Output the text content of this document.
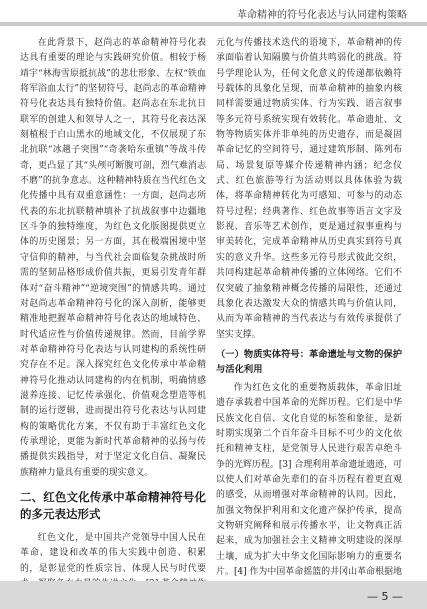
革命精神的符号化表达与认同建构策略

在此背景下，赵尚志的革命精神符号化表达具有重要的理论与实践研究价值。相较于杨靖宇“林海雪原抵抗战”的悲壮形象、左权“铁血将军浴血太行”的坚韧符号，赵尚志的革命精神符号化表达具有独特价值。赵尚志在东北抗日联军的创建人和领导人之一，其符号化表达深刻植根于白山黑水的地域文化，不仅展现了东北抗联“冰趟子突围”“奇袭哈东重镇”等战斗传奇，更凸显了其“头颅可断腹可剖，烈气难消志不磨”的抗争意志。这种精神特质在当代红色文化传播中具有双重意涵性：一方面，赵尚志所代表的东北抗联精神填补了抗战叙事中边疆地区斗争的独特维度，为红色文化版图提供更立体的历史图景；另一方面，其在极端困境中坚守信仰的精神，与当代社会面临复杂挑战时所需的坚韧品格形成价值共振，更易引发青年群体对“奋斗精神”“逆境突围”的情感共鸣。通过对赵尚志革命精神符号化的深入剖析，能够更精准地把握革命精神符号化表达的地域特色、时代适应性与价值传递规律。然而，目前学界对革命精神符号化表达与认同建构的系统性研究存在不足。深入探究红色文化传承中革命精神符号化推动认同建构的内在机制，明确情感滋养连接、记忆传承强化、价值观念塑造等机制的运行逻辑，进而提出符号化表达与认同建构的策略优化方案，不仅有助于丰富红色文化传承理论，更能为新时代革命精神的弘扬与传播提供实践指导，对于坚定文化自信、凝聚民族精神力量具有重要的现实意义。

二、红色文化传承中革命精神符号化的多元表达形式

红色文化，是中国共产党领导中国人民在革命、建设和改革的伟大实践中创造、积累的，是彰显党的性质宗旨、体现人民与时代要

元化与传播技术迭代的语境下，革命精神的传承面临着认知隔膜与价值共鸣弱化的挑战。符号学理论认为，任何文化意义的传递都依赖符号载体的具象化呈现，而革命精神的抽象内核同样需要通过物质实体、行为实践、语言叙事等多元符号系统实现有效转化。革命遗址、文物等物质实体并非单纯的历史遗存，而是凝固革命记忆的空间符号，通过建筑形制、陈列布局、场景复原等媒介传递精神内涵；纪念仪式、红色旅游等行为活动则以具体体验为载体，将革命精神转化为可感知、可参与的动态符号过程；经典著作、红色故事等语言文字及影视、音乐等艺术创作，更是通过叙事重构与审美转化，完成革命精神从历史真实到符号真实的意义升华。这些多元符号形式彼此交织，共同构建起革命精神传播的立体网络。它们不仅突破了抽象精神概念传播的局限性，还通过具象化表达激发大众的情感共鸣与价值认同，从而为革命精神的当代表达与有效传承提供了坚实支撑。

（一）物质实体符号：革命遗址与文物的保护与活化利用

作为红色文化的重要物质载体，革命旧址遗存承载着中国革命的光辉历程。它们是中华民族文化自信、文化自觉的标签和象征，是新时期实现第二个百年奋斗目标不可少的文化依托和精神支柱，是党领导人民进行艰苦卓绝斗争的光辉历程。[3] 合理利用革命遗址遗迹，可以使人们对革命先辈们的奋斗历程有着更直观的感受，从而增强对革命精神的认同。因此，加强文物保护利用和文化遗产保护传承，提高文物研究阐释和展示传播水平，让文物真正活起来，成为加强社会主义精神文明建设的深厚土壤，成为扩大中华文化国际影响力的重要名片。[4] 作为中国革命摇篮的井冈山革命根据地

— 5 —
